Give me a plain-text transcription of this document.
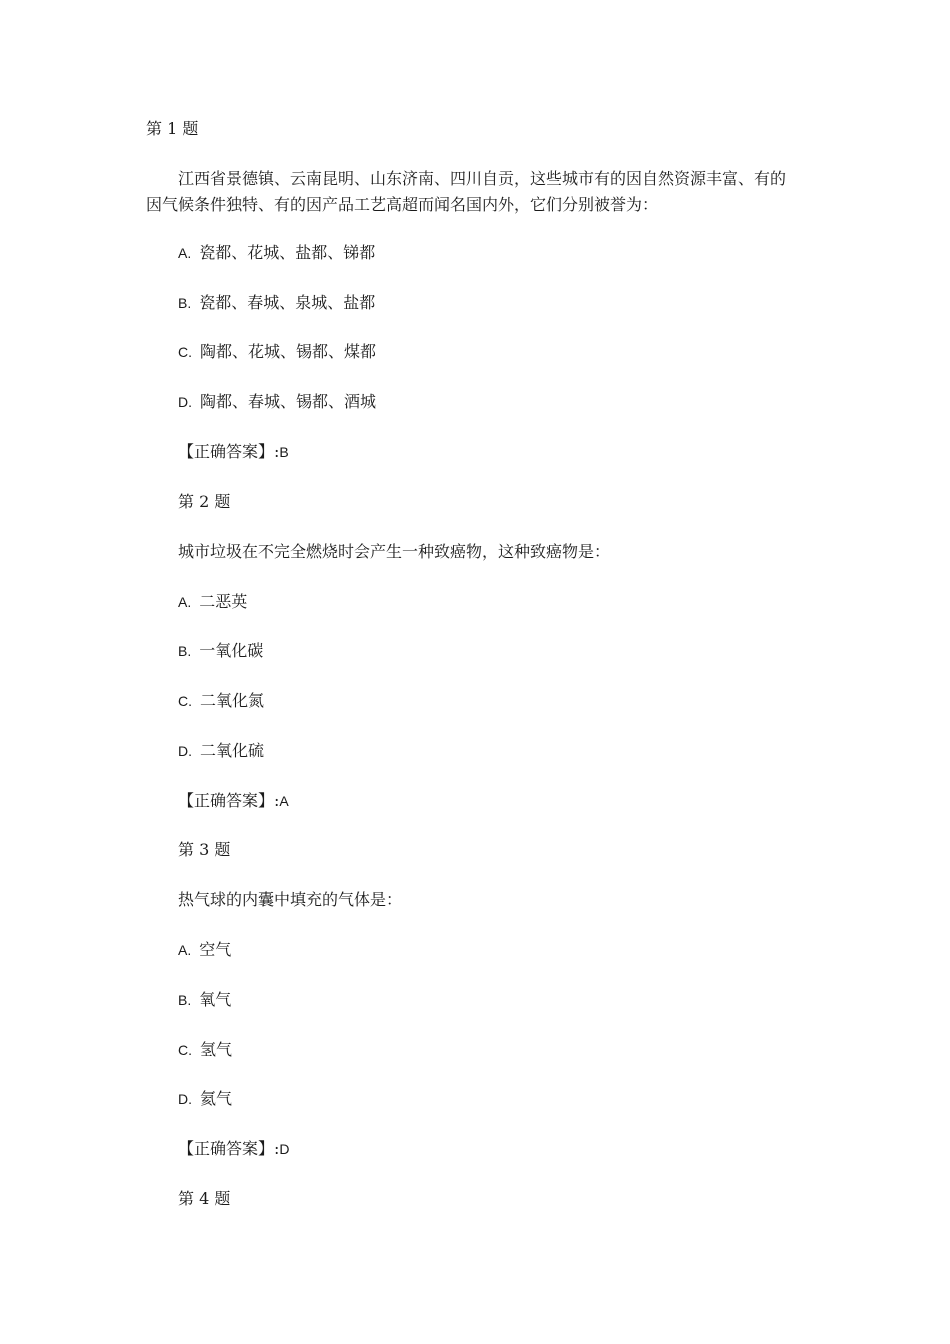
第 1 题
江西省景德镇、云南昆明、山东济南、四川自贡，这些城市有的因自然资源丰富、有的因气候条件独特、有的因产品工艺高超而闻名国内外，它们分别被誉为：
A. 瓷都、花城、盐都、锑都
B. 瓷都、春城、泉城、盐都
C. 陶都、花城、锡都、煤都
D. 陶都、春城、锡都、酒城
【正确答案】:B
第 2 题
城市垃圾在不完全燃烧时会产生一种致癌物，这种致癌物是：
A. 二恶英
B. 一氧化碳
C. 二氧化氮
D. 二氧化硫
【正确答案】:A
第 3 题
热气球的内囊中填充的气体是：
A. 空气
B. 氧气
C. 氢气
D. 氦气
【正确答案】:D
第 4 题
